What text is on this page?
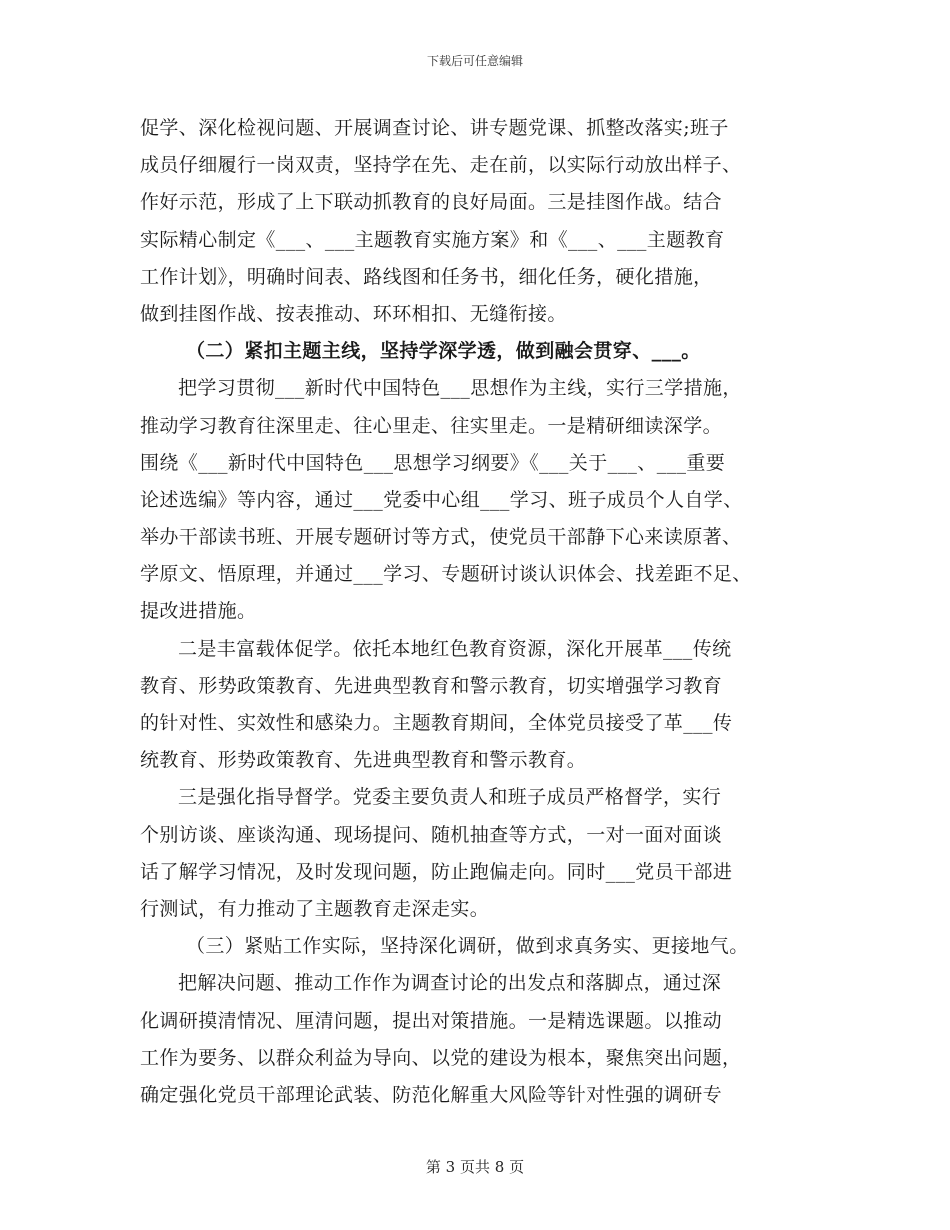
下载后可任意编辑
促学、深化检视问题、开展调查讨论、讲专题党课、抓整改落实;班子
成员仔细履行一岗双责，坚持学在先、走在前，以实际行动放出样子、
作好示范，形成了上下联动抓教育的良好局面。三是挂图作战。结合
实际精心制定《___、___主题教育实施方案》和《___、___主题教育
工作计划》，明确时间表、路线图和任务书，细化任务，硬化措施，
做到挂图作战、按表推动、环环相扣、无缝衔接。
（二）紧扣主题主线，坚持学深学透，做到融会贯穿、___。
把学习贯彻___新时代中国特色___思想作为主线，实行三学措施，
推动学习教育往深里走、往心里走、往实里走。一是精研细读深学。
围绕《___新时代中国特色___思想学习纲要》《___关于___、___重要
论述选编》等内容，通过___党委中心组___学习、班子成员个人自学、
举办干部读书班、开展专题研讨等方式，使党员干部静下心来读原著、
学原文、悟原理，并通过___学习、专题研讨谈认识体会、找差距不足、
提改进措施。
二是丰富载体促学。依托本地红色教育资源，深化开展革___传统
教育、形势政策教育、先进典型教育和警示教育，切实增强学习教育
的针对性、实效性和感染力。主题教育期间，全体党员接受了革___传
统教育、形势政策教育、先进典型教育和警示教育。
三是强化指导督学。党委主要负责人和班子成员严格督学，实行
个别访谈、座谈沟通、现场提问、随机抽查等方式，一对一面对面谈
话了解学习情况，及时发现问题，防止跑偏走向。同时___党员干部进
行测试，有力推动了主题教育走深走实。
（三）紧贴工作实际，坚持深化调研，做到求真务实、更接地气。
把解决问题、推动工作作为调查讨论的出发点和落脚点，通过深
化调研摸清情况、厘清问题，提出对策措施。一是精选课题。以推动
工作为要务、以群众利益为导向、以党的建设为根本，聚焦突出问题，
确定强化党员干部理论武装、防范化解重大风险等针对性强的调研专
第 3 页共 8 页
